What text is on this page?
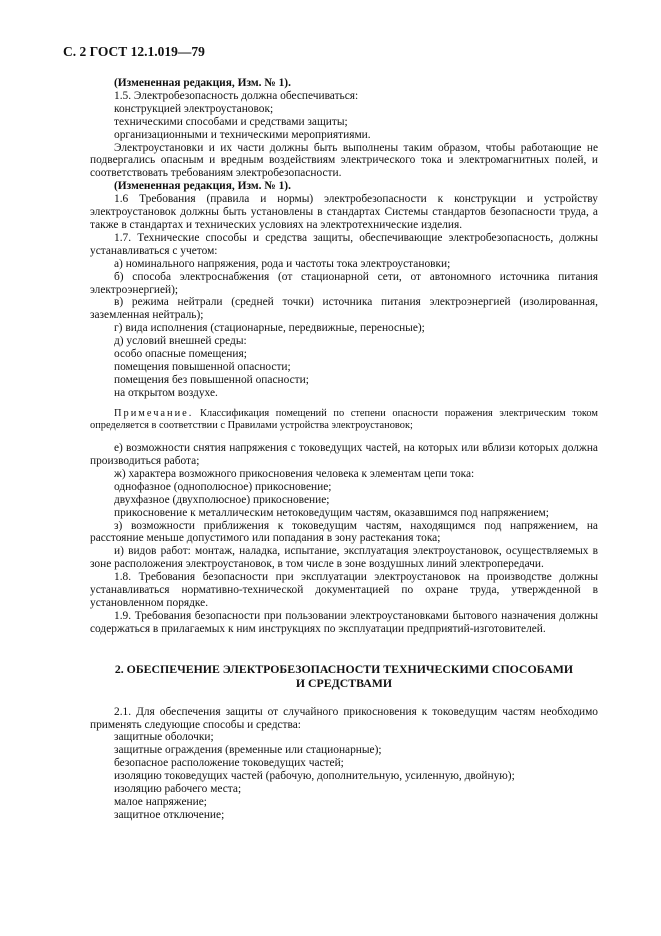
С. 2 ГОСТ 12.1.019—79

(Измененная редакция, Изм. № 1).

1.5. Электробезопасность должна обеспечиваться:

конструкцией электроустановок;

техническими способами и средствами защиты;

организационными и техническими мероприятиями.

Электроустановки и их части должны быть выполнены таким образом, чтобы работающие не подвергались опасным и вредным воздействиям электрического тока и электромагнитных полей, и соответствовать требованиям электробезопасности.

(Измененная редакция, Изм. № 1).

1.6 Требования (правила и нормы) электробезопасности к конструкции и устройству электроустановок должны быть установлены в стандартах Системы стандартов безопасности труда, а также в стандартах и технических условиях на электротехнические изделия.

1.7. Технические способы и средства защиты, обеспечивающие электробезопасность, должны устанавливаться с учетом:

а) номинального напряжения, рода и частоты тока электроустановки;

б) способа электроснабжения (от стационарной сети, от автономного источника питания электроэнергией);

в) режима нейтрали (средней точки) источника питания электроэнергией (изолированная, заземленная нейтраль);

г) вида исполнения (стационарные, передвижные, переносные);

д) условий внешней среды:

особо опасные помещения;

помещения повышенной опасности;

помещения без повышенной опасности;

на открытом воздухе.

Примечание. Классификация помещений по степени опасности поражения электрическим током определяется в соответствии с Правилами устройства электроустановок;

е) возможности снятия напряжения с токоведущих частей, на которых или вблизи которых должна производиться работа;

ж) характера возможного прикосновения человека к элементам цепи тока:

однофазное (однополюсное) прикосновение;

двухфазное (двухполюсное) прикосновение;

прикосновение к металлическим нетоковедущим частям, оказавшимся под напряжением;

з) возможности приближения к токоведущим частям, находящимся под напряжением, на расстояние меньше допустимого или попадания в зону растекания тока;

и) видов работ: монтаж, наладка, испытание, эксплуатация электроустановок, осуществляемых в зоне расположения электроустановок, в том числе в зоне воздушных линий электропередачи.

1.8. Требования безопасности при эксплуатации электроустановок на производстве должны устанавливаться нормативно-технической документацией по охране труда, утвержденной в установленном порядке.

1.9. Требования безопасности при пользовании электроустановками бытового назначения должны содержаться в прилагаемых к ним инструкциях по эксплуатации предприятий-изготовителей.

2. ОБЕСПЕЧЕНИЕ ЭЛЕКТРОБЕЗОПАСНОСТИ ТЕХНИЧЕСКИМИ СПОСОБАМИ И СРЕДСТВАМИ

2.1. Для обеспечения защиты от случайного прикосновения к токоведущим частям необходимо применять следующие способы и средства:

защитные оболочки;

защитные ограждения (временные или стационарные);

безопасное расположение токоведущих частей;

изоляцию токоведущих частей (рабочую, дополнительную, усиленную, двойную);

изоляцию рабочего места;

малое напряжение;

защитное отключение;
